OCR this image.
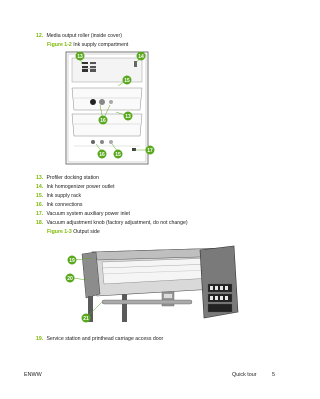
12. Media output roller (inside cover)
Figure 1-2 Ink supply compartment
13	14
15
16
13
16 15
17
13. Profiler docking station
14. Ink homogenizer power outlet
15. Ink supply rack
16. Ink connections
17. Vacuum system auxiliary power inlet
18. Vacuum adjustment knob (factory adjustment, do not change)
Figure 1-3 Output side
19
20
21
19. Service station and printhead carriage access door
ENWW	Quick tour	5
